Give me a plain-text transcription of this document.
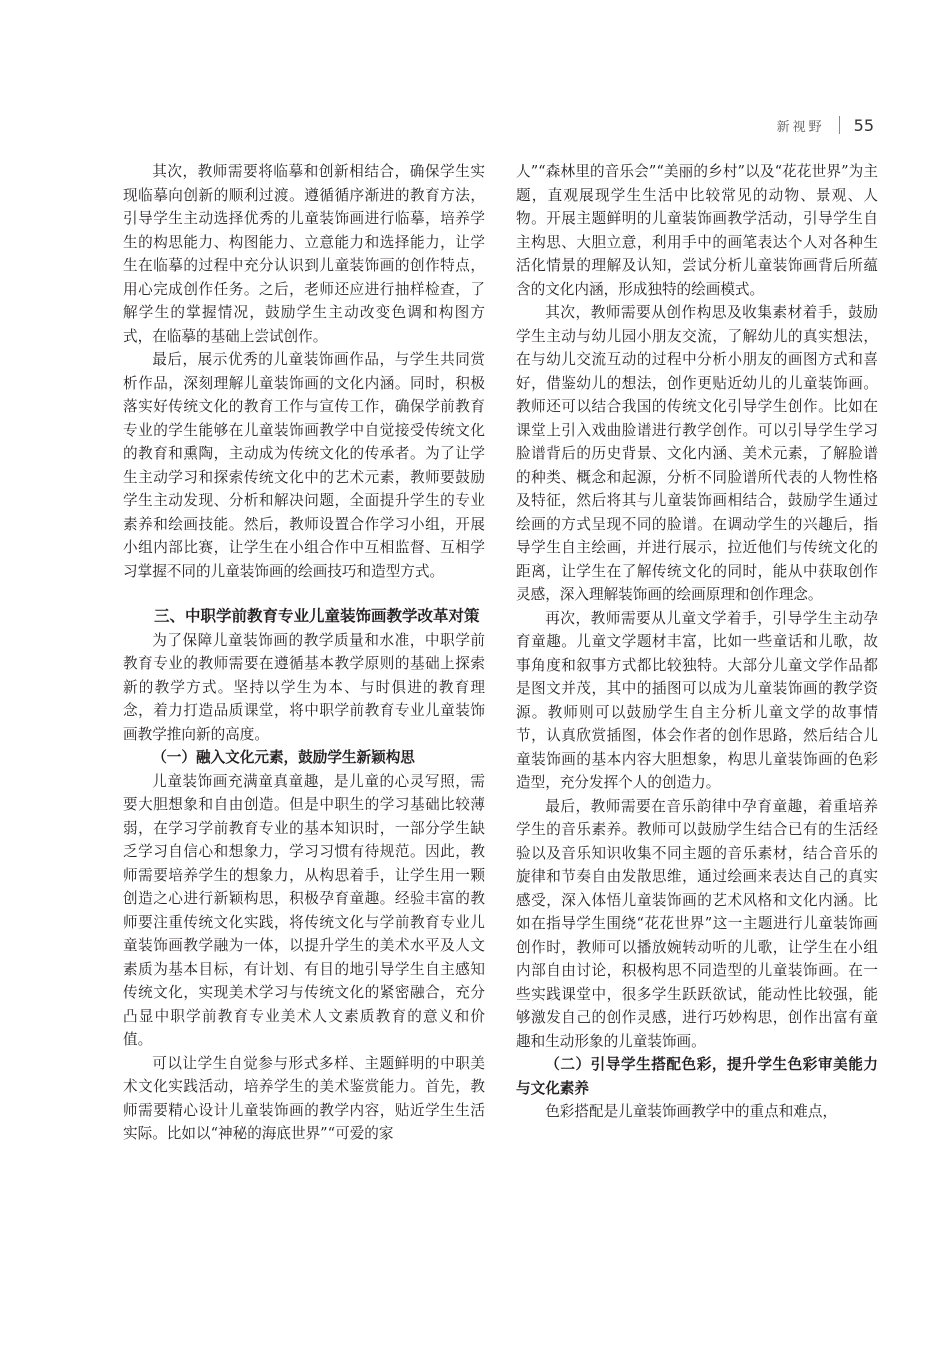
新视野 55

其次，教师需要将临摹和创新相结合，确保学生实现临摹向创新的顺利过渡。遵循循序渐进的教育方法，引导学生主动选择优秀的儿童装饰画进行临摹，培养学生的构思能力、构图能力、立意能力和选择能力，让学生在临摹的过程中充分认识到儿童装饰画的创作特点，用心完成创作任务。之后，老师还应进行抽样检查，了解学生的掌握情况，鼓励学生主动改变色调和构图方式，在临摹的基础上尝试创作。

最后，展示优秀的儿童装饰画作品，与学生共同赏析作品，深刻理解儿童装饰画的文化内涵。同时，积极落实好传统文化的教育工作与宣传工作，确保学前教育专业的学生能够在儿童装饰画教学中自觉接受传统文化的教育和熏陶，主动成为传统文化的传承者。为了让学生主动学习和探索传统文化中的艺术元素，教师要鼓励学生主动发现、分析和解决问题，全面提升学生的专业素养和绘画技能。然后，教师设置合作学习小组，开展小组内部比赛，让学生在小组合作中互相监督、互相学习掌握不同的儿童装饰画的绘画技巧和造型方式。

三、中职学前教育专业儿童装饰画教学改革对策

为了保障儿童装饰画的教学质量和水准，中职学前教育专业的教师需要在遵循基本教学原则的基础上探索新的教学方式。坚持以学生为本、与时俱进的教育理念，着力打造品质课堂，将中职学前教育专业儿童装饰画教学推向新的高度。

（一）融入文化元素，鼓励学生新颖构思

儿童装饰画充满童真童趣，是儿童的心灵写照，需要大胆想象和自由创造。但是中职生的学习基础比较薄弱，在学习学前教育专业的基本知识时，一部分学生缺乏学习自信心和想象力，学习习惯有待规范。因此，教师需要培养学生的想象力，从构思着手，让学生用一颗创造之心进行新颖构思，积极孕育童趣。经验丰富的教师要注重传统文化实践，将传统文化与学前教育专业儿童装饰画教学融为一体，以提升学生的美术水平及人文素质为基本目标，有计划、有目的地引导学生自主感知传统文化，实现美术学习与传统文化的紧密融合，充分凸显中职学前教育专业美术人文素质教育的意义和价值。

可以让学生自觉参与形式多样、主题鲜明的中职美术文化实践活动，培养学生的美术鉴赏能力。首先，教师需要精心设计儿童装饰画的教学内容，贴近学生生活实际。比如以“神秘的海底世界”“可爱的家

人”“森林里的音乐会”“美丽的乡村”以及“花花世界”为主题，直观展现学生生活中比较常见的动物、景观、人物。开展主题鲜明的儿童装饰画教学活动，引导学生自主构思、大胆立意，利用手中的画笔表达个人对各种生活化情景的理解及认知，尝试分析儿童装饰画背后所蕴含的文化内涵，形成独特的绘画模式。

其次，教师需要从创作构思及收集素材着手，鼓励学生主动与幼儿园小朋友交流，了解幼儿的真实想法，在与幼儿交流互动的过程中分析小朋友的画图方式和喜好，借鉴幼儿的想法，创作更贴近幼儿的儿童装饰画。教师还可以结合我国的传统文化引导学生创作。比如在课堂上引入戏曲脸谱进行教学创作。可以引导学生学习脸谱背后的历史背景、文化内涵、美术元素，了解脸谱的种类、概念和起源，分析不同脸谱所代表的人物性格及特征，然后将其与儿童装饰画相结合，鼓励学生通过绘画的方式呈现不同的脸谱。在调动学生的兴趣后，指导学生自主绘画，并进行展示，拉近他们与传统文化的距离，让学生在了解传统文化的同时，能从中获取创作灵感，深入理解装饰画的绘画原理和创作理念。

再次，教师需要从儿童文学着手，引导学生主动孕育童趣。儿童文学题材丰富，比如一些童话和儿歌，故事角度和叙事方式都比较独特。大部分儿童文学作品都是图文并茂，其中的插图可以成为儿童装饰画的教学资源。教师则可以鼓励学生自主分析儿童文学的故事情节，认真欣赏插图，体会作者的创作思路，然后结合儿童装饰画的基本内容大胆想象，构思儿童装饰画的色彩造型，充分发挥个人的创造力。

最后，教师需要在音乐韵律中孕育童趣，着重培养学生的音乐素养。教师可以鼓励学生结合已有的生活经验以及音乐知识收集不同主题的音乐素材，结合音乐的旋律和节奏自由发散思维，通过绘画来表达自己的真实感受，深入体悟儿童装饰画的艺术风格和文化内涵。比如在指导学生围绕“花花世界”这一主题进行儿童装饰画创作时，教师可以播放婉转动听的儿歌，让学生在小组内部自由讨论，积极构思不同造型的儿童装饰画。在一些实践课堂中，很多学生跃跃欲试，能动性比较强，能够激发自己的创作灵感，进行巧妙构思，创作出富有童趣和生动形象的儿童装饰画。

（二）引导学生搭配色彩，提升学生色彩审美能力与文化素养

色彩搭配是儿童装饰画教学中的重点和难点，
